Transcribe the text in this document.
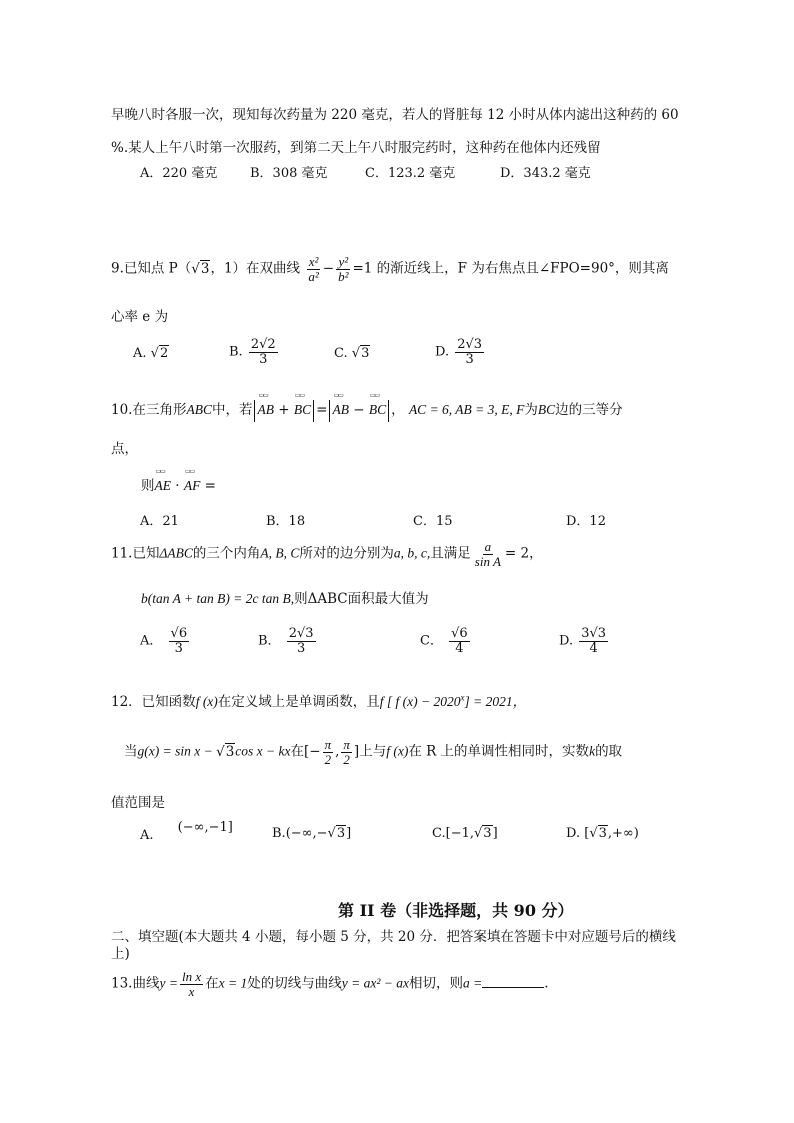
早晚八时各服一次，现知每次药量为 220 毫克，若人的肾脏每 12 小时从体内滤出这种药的 60
%.某人上午八时第一次服药，到第二天上午八时服完药时，这种药在他体内还残留
A．220 毫克	B．308 毫克	C．123.2 毫克	D．343.2 毫克
9.已知点 P（√3，1）在双曲线 $\frac{\text{x²}}{\text{a²}} - \frac{\text{y²}}{\text{b²}} =1$ 的渐近线上，F 为右焦点且∠FPO=90°，则其离
心率 e 为
A. √2	B. $\frac{2√2}{3}$	C. √3	D. $\frac{2√3}{3}$
10.在三角形ABC中，若 ▭▭ AB + ▭▭ BC = ▭▭ AB − ▭▭ BC ， AC = 6, AB = 3, E, F为BC边的三等分
点，
则▭▭ AE · ▭▭ AF =
A．21	B．18	C．15	D．12
11.已知ΔABC的三个内角A, B, C所对的边分别为a, b, c,且满足 $\frac{a}{\text{sin A}} = 2$，
b(tan A + tan B) = 2c tan B,则ΔABC面积最大值为
A． $\frac{√6}{3}$	B． $\frac{2√3}{3}$	C． $\frac{√6}{4}$	D. $\frac{3√3}{4}$
12．已知函数f (x)在定义域上是单调函数，且f [ f $(x) - 2020^x] = 2021$，
当g(x) = sin x − √3cos x − kx在[− $\frac{\pi}{2}$ , $\frac{\pi}{2}$ ]上与f (x)在 R 上的单调性相同时，实数k的取
值范围是
A. (−∞,−1]	B.(−∞,−√3]	C.[−1,√3]	D. [√3,+∞)
第 II 卷（非选择题，共 90 分）
二、填空题(本大题共 4 小题，每小题 5 分，共 20 分．把答案填在答题卡中对应题号后的横线上)
13.曲线$y = \frac{\text{ln x}}{x}$ 在x = 1处的切线与曲线y = ax² − ax相切，则a =	.
